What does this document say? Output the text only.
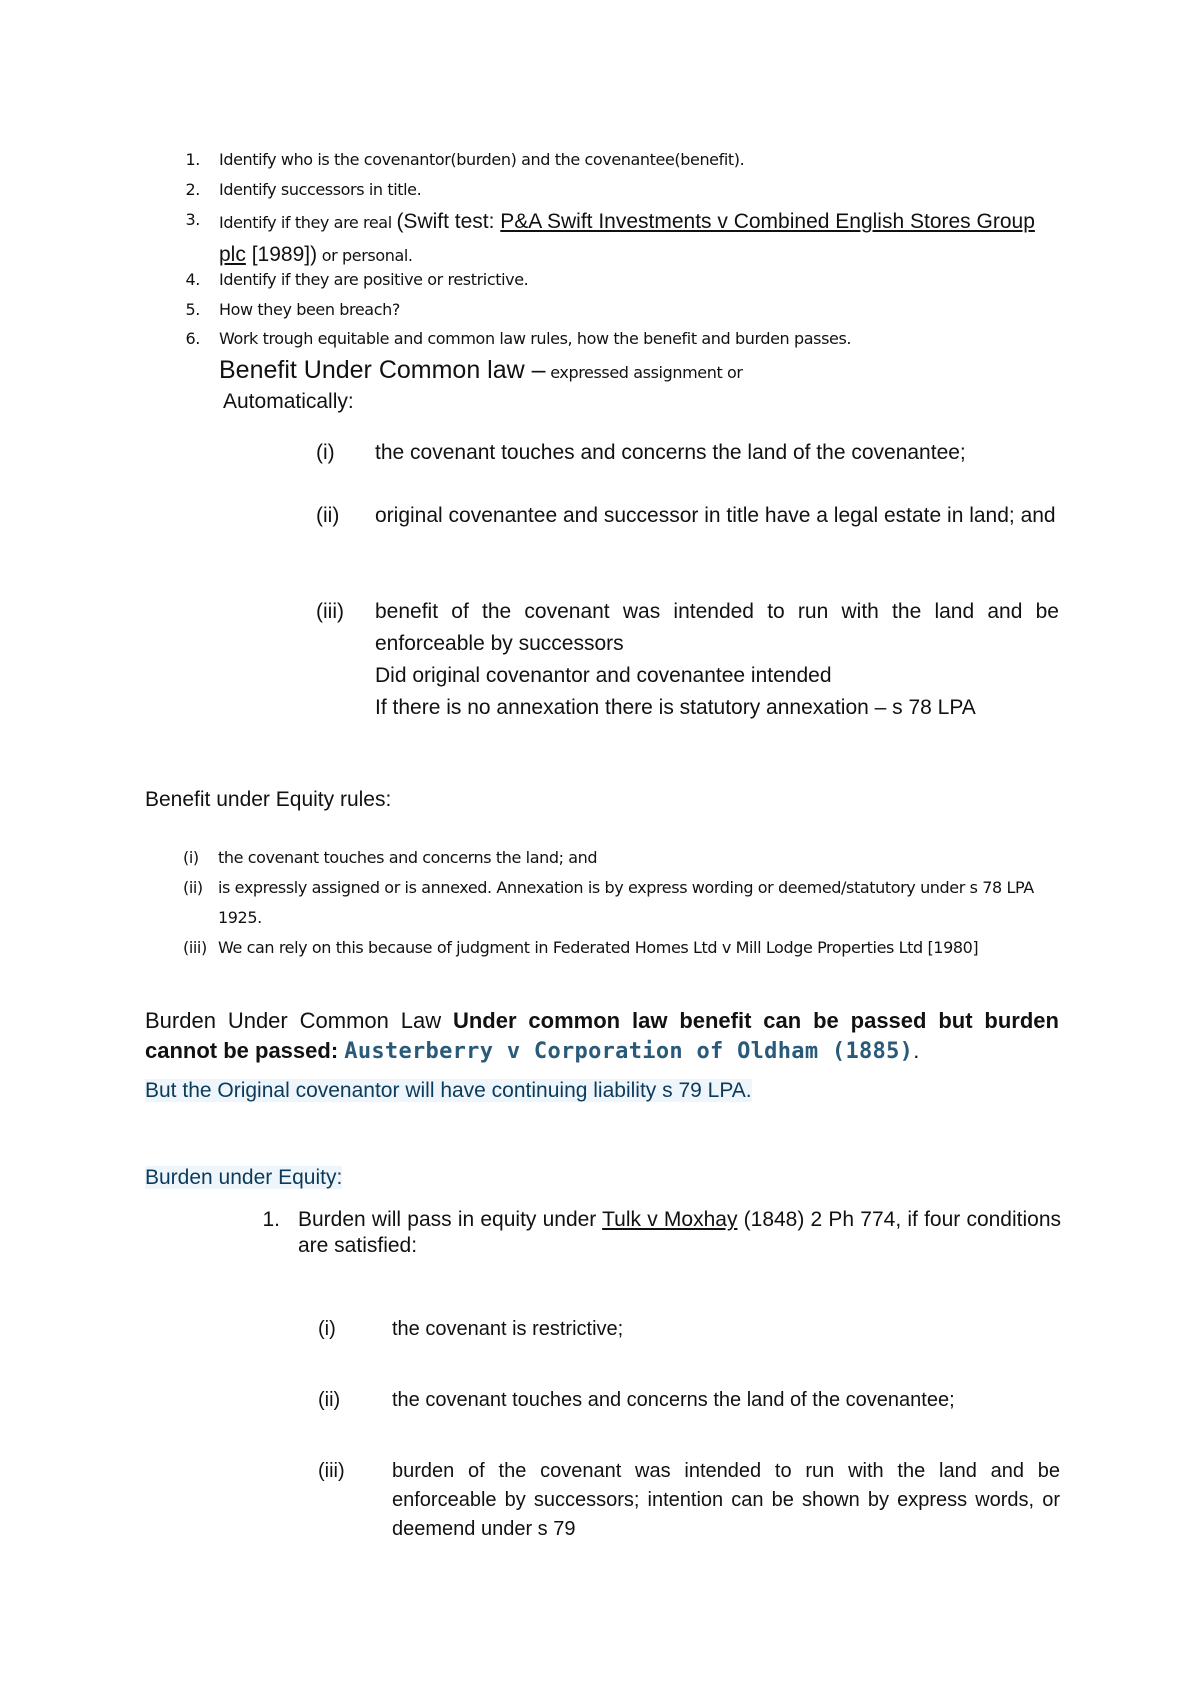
1. Identify who is the covenantor(burden) and the covenantee(benefit).
2. Identify successors in title.
3. Identify if they are real (Swift test: P&A Swift Investments v Combined English Stores Group plc [1989]) or personal.
4. Identify if they are positive or restrictive.
5. How they been breach?
6. Work trough equitable and common law rules, how the benefit and burden passes.
Benefit Under Common law – expressed assignment or
Automatically:
(i) the covenant touches and concerns the land of the covenantee;
(ii) original covenantee and successor in title have a legal estate in land; and
(iii) benefit of the covenant was intended to run with the land and be enforceable by successors
Did original covenantor and covenantee intended
If there is no annexation there is statutory annexation – s 78 LPA
Benefit under Equity rules:
(i) the covenant touches and concerns the land; and
(ii) is expressly assigned or is annexed. Annexation is by express wording or deemed/statutory under s 78 LPA 1925.
(iii) We can rely on this because of judgment in Federated Homes Ltd v Mill Lodge Properties Ltd [1980]
Burden Under Common Law Under common law benefit can be passed but burden cannot be passed: Austerberry v Corporation of Oldham (1885).
But the Original covenantor will have continuing liability s 79 LPA.
Burden under Equity:
1. Burden will pass in equity under Tulk v Moxhay (1848) 2 Ph 774, if four conditions are satisfied:
(i)	the covenant is restrictive;
(ii)	the covenant touches and concerns the land of the covenantee;
(iii) burden of the covenant was intended to run with the land and be enforceable by successors; intention can be shown by express words, or deemend under s 79
